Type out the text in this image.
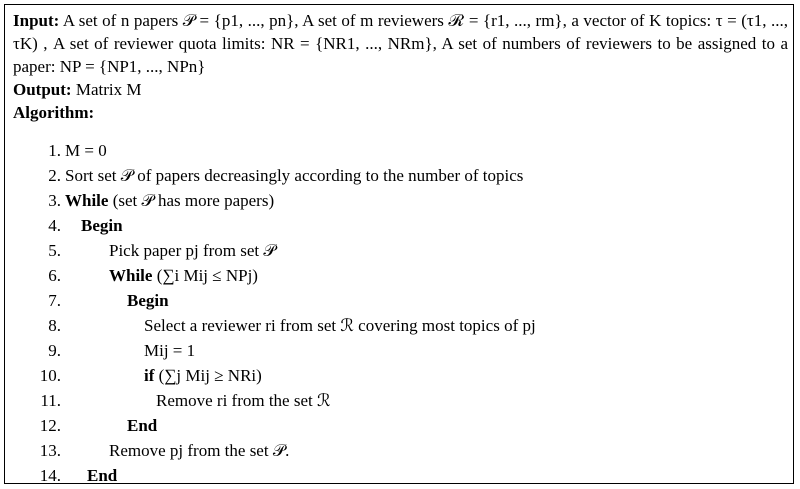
Input: A set of n papers 𝒫 = {p1, ..., pn}, A set of m reviewers ℛ = {r1, ..., rm}, a vector of K topics: τ = (τ1, ..., τK) , A set of reviewer quota limits: NR = {NR1, ..., NRm}, A set of numbers of reviewers to be assigned to a paper: NP = {NP1, ..., NPn}

Output: Matrix M

Algorithm:

1. M = 0
2. Sort set 𝒫 of papers decreasingly according to the number of topics
3. While (set 𝒫 has more papers)
4. Begin
5.	Pick paper pj from set 𝒫
6.	While (∑i Mij ≤ NPj)
7.	Begin
8.	Select a reviewer ri from set ℛ covering most topics of pj
9.	Mij = 1
10.	if (∑j Mij ≥ NRi)
11.	Remove ri from the set ℛ
12.	End
13.	Remove pj from the set 𝒫.
14. End
